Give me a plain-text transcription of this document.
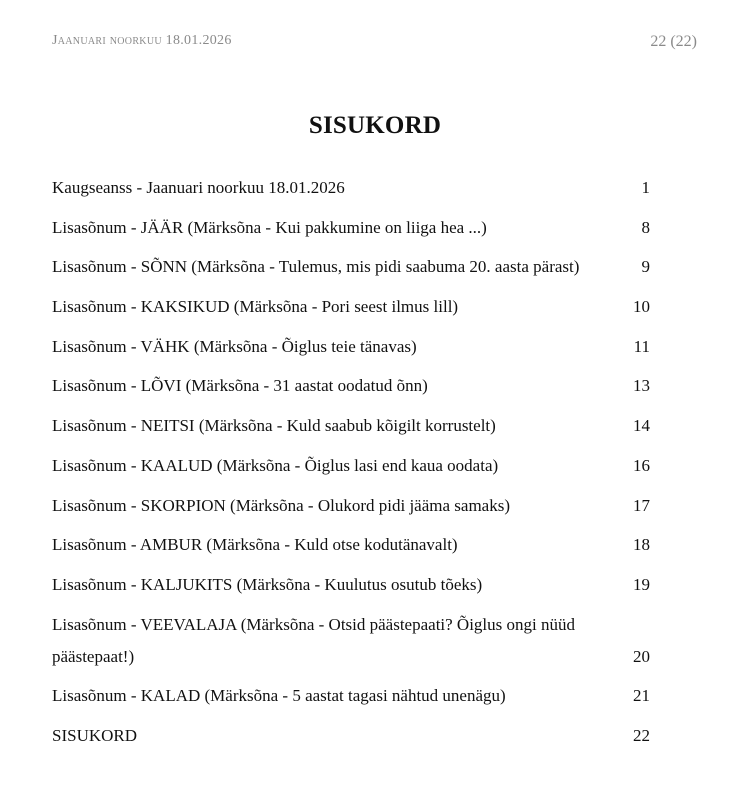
Jaanuari noorkuu 18.01.2026	22 (22)
SISUKORD
Kaugseanss - Jaanuari noorkuu 18.01.2026	1
Lisasõnum - JÄÄR (Märksõna - Kui pakkumine on liiga hea ...)	8
Lisasõnum - SÕNN (Märksõna - Tulemus, mis pidi saabuma 20. aasta pärast)	9
Lisasõnum - KAKSIKUD (Märksõna - Pori seest ilmus lill)	10
Lisasõnum - VÄHK (Märksõna - Õiglus teie tänavas)	11
Lisasõnum - LÕVI (Märksõna - 31 aastat oodatud õnn)	13
Lisasõnum - NEITSI (Märksõna - Kuld saabub kõigilt korrustelt)	14
Lisasõnum - KAALUD (Märksõna - Õiglus lasi end kaua oodata)	16
Lisasõnum - SKORPION (Märksõna - Olukord pidi jääma samaks)	17
Lisasõnum - AMBUR (Märksõna - Kuld otse kodutänavalt)	18
Lisasõnum - KALJUKITS (Märksõna - Kuulutus osutub tõeks)	19
Lisasõnum - VEEVALAJA (Märksõna - Otsid päästepaati? Õiglus ongi nüüd päästepaat!)	20
Lisasõnum - KALAD (Märksõna - 5 aastat tagasi nähtud unenägu)	21
SISUKORD	22
